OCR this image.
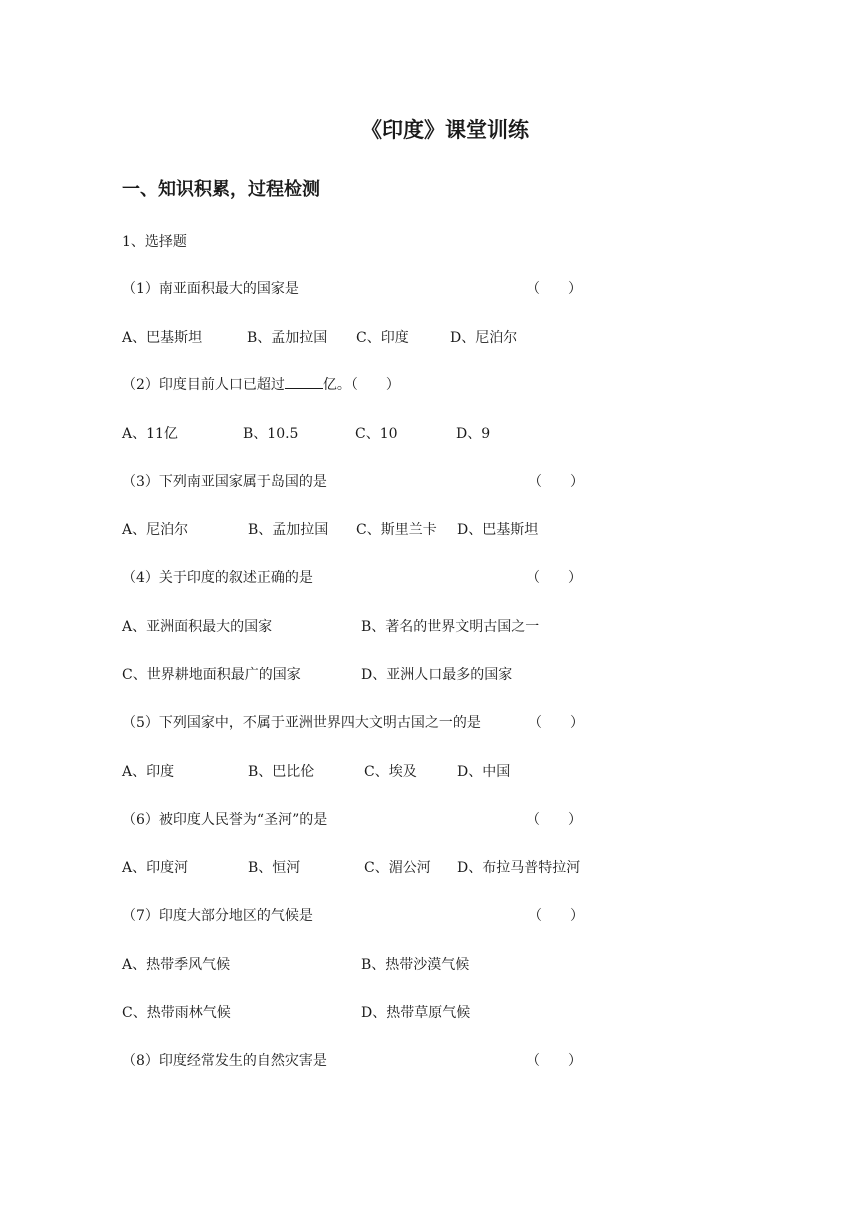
《印度》课堂训练
一、知识积累，过程检测
1、选择题
（1）南亚面积最大的国家是	（　　）
A、巴基斯坦	B、孟加拉国 C、印度	D、尼泊尔
（2）印度目前人口已超过	亿。（　　）
A、11亿	B、10.5	C、10	D、9
（3）下列南亚国家属于岛国的是	（　　）
A、尼泊尔	B、孟加拉国 C、斯里兰卡 D、巴基斯坦
（4）关于印度的叙述正确的是	（　　）
A、亚洲面积最大的国家	B、著名的世界文明古国之一
C、世界耕地面积最广的国家	D、亚洲人口最多的国家
（5）下列国家中，不属于亚洲世界四大文明古国之一的是	（　　）
A、印度	B、巴比伦	C、埃及	D、中国
（6）被印度人民誉为“圣河”的是	（　　）
A、印度河	B、恒河	C、湄公河 D、布拉马普特拉河
（7）印度大部分地区的气候是	（　　）
A、热带季风气候	B、热带沙漠气候
C、热带雨林气候	D、热带草原气候
（8）印度经常发生的自然灾害是	（　　）
